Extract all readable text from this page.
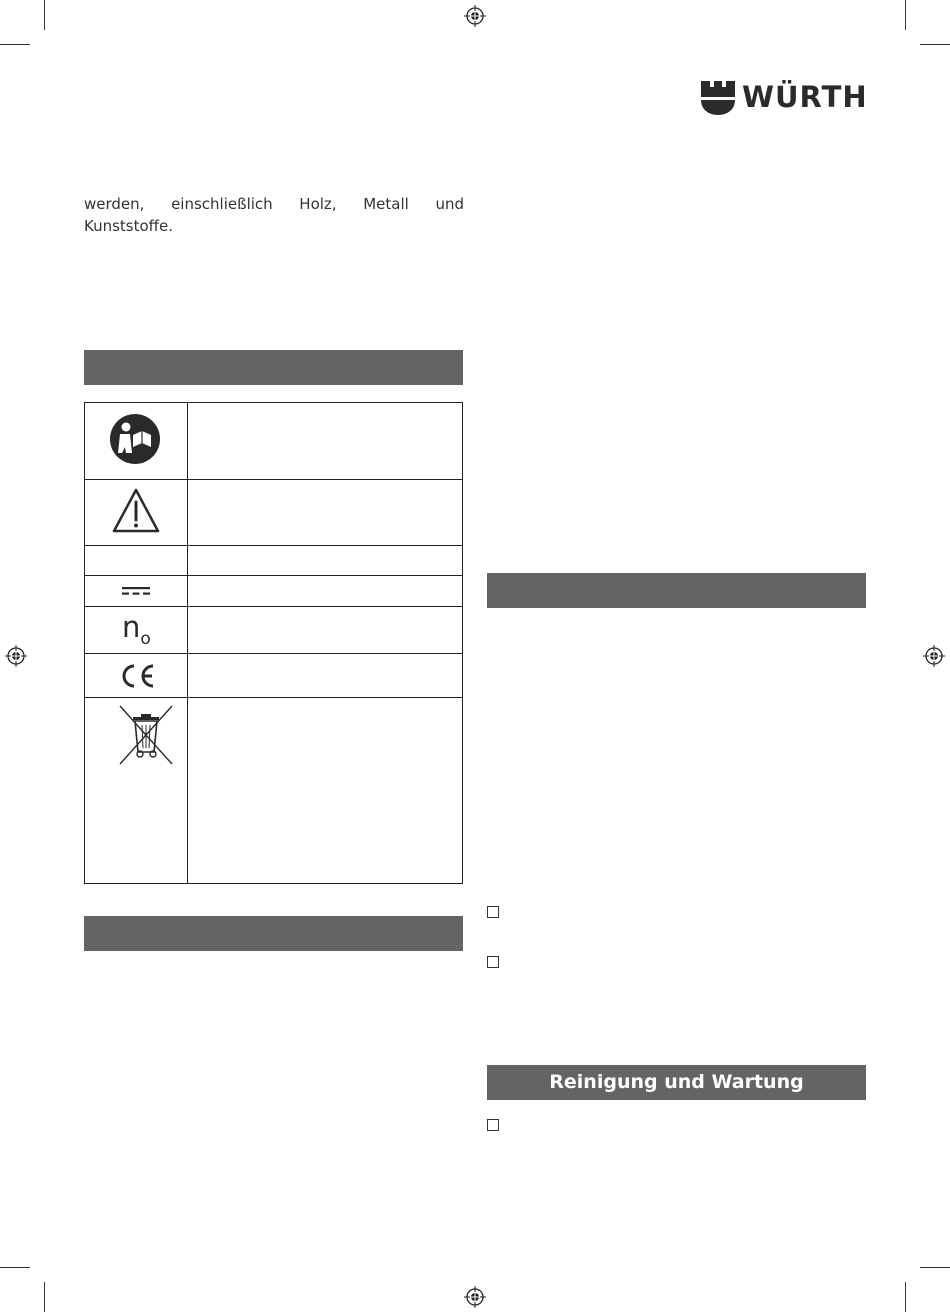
WÜRTH
werden, einschließlich Holz, Metall und Kunststoffe.
$n_o$
Reinigung und Wartung
